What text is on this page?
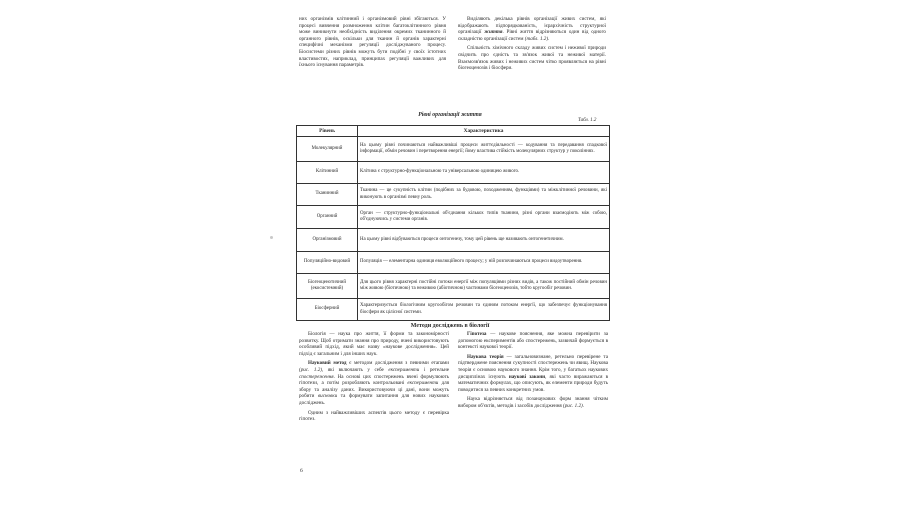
них організмів клітинний і організмовий рівні збігаються. У процесі вивчення розмноження клітин багатоклітинного рівня може виникнути необхідність виділення окремих тканинного й органного рівнів, оскільки для тканин й органів характерні специфічні механізми регуляції досліджуваного процесу. Біосистеми різних рівнів можуть бути подібні у своїх істотних властивостях, наприклад, принципах регуляції важливих для їхнього існування параметрів.

Виділяють декілька рівнів організації живих систем, які відображають підпорядкованість, ієрархічність структурної організації життя. Рівні життя відрізняються один від одного складністю організації систем (табл. 1.2).

Спільність хімічного складу живих систем і неживої природи свідчить про єдність та зв'язок живої та неживої матерії. Взаємозв'язок живих і неживих систем чітко проявляється на рівні біогеоценозів і біосфери.

Рівні організації життя
Табл. 1.2
Рівень	Характеристика
Молекулярний	На цьому рівні починаються найважливіші процеси життєдіяльності — кодування та передавання спадкової інформації, обмін речовин і перетворення енергії; йому властива стійкість молекулярних структур у поколіннях.
Клітинний	Клітина є структурно-функціональною та універсальною одиницею живого.
Тканинний	Тканина — це сукупність клітин (подібних за будовою, походженням, функціями) та міжклітинної речовини, які виконують в організмі певну роль.
Органний	Орган — структурно-функціональні об'єднання кількох типів тканини, різні органи взаємодіють між собою, об'єднуючись у системи органів.
Організмовий	На цьому рівні відбуваються процеси онтогенезу, тому цей рівень ще називають онтогенетичним.
Популяційно-видовий	Популяція — елементарна одиниця еволюційного процесу; у ній розпочинаються процеси видоутворення.
Біогеоценотичний (екосистемний)	Для цього рівня характерні постійні потоки енергії між популяціями різних видів, а також постійний обмін речовин між живою (біотичною) та неживою (абіотичною) частинами біогеоценозів, тобто кругообіг речовин.
Біосферний	Характеризується біологічним кругообігом речовин та єдиним потоком енергії, що забезпечує функціонування біосфери як цілісної системи.
Методи досліджень в біології

Біологія — наука про життя, її форми та закономірності розвитку. Щоб отримати знання про природу, вчені використовують особливий підхід, який має назву «наукове дослідження». Цей підхід є загальним і для інших наук.

Науковий метод є методом дослідження з певними етапами (рис. 1.2), які включають у себе експерименти і ретельне спостереження. На основі цих спостережень вчені формулюють гіпотези, а потім розробляють контрольовані експерименти для збору та аналізу даних. Використовуючи ці дані, вони можуть робити висновки та формувати запитання для нових наукових досліджень.

Одним з найважливіших аспектів цього методу є перевірка гіпотез.

Гіпотеза — наукове пояснення, яке можна перевірити за допомогою експериментів або спостережень, зазвичай формується в контексті наукової теорії.

Наукова теорія — загальновизнане, ретельно перевірене та підтверджене пояснення сукупності спостережень чи явищ. Наукова теорія є основою наукового знання. Крім того, у багатьох наукових дисциплінах існують наукові закони, які часто виражаються в математичних формулах, що описують, як елементи природи будуть поводитися за певних конкретних умов.

Наука відрізняється від позанаукових форм знання чітким вибором об'єктів, методів і засобів дослідження (рис. 1.2).

6
